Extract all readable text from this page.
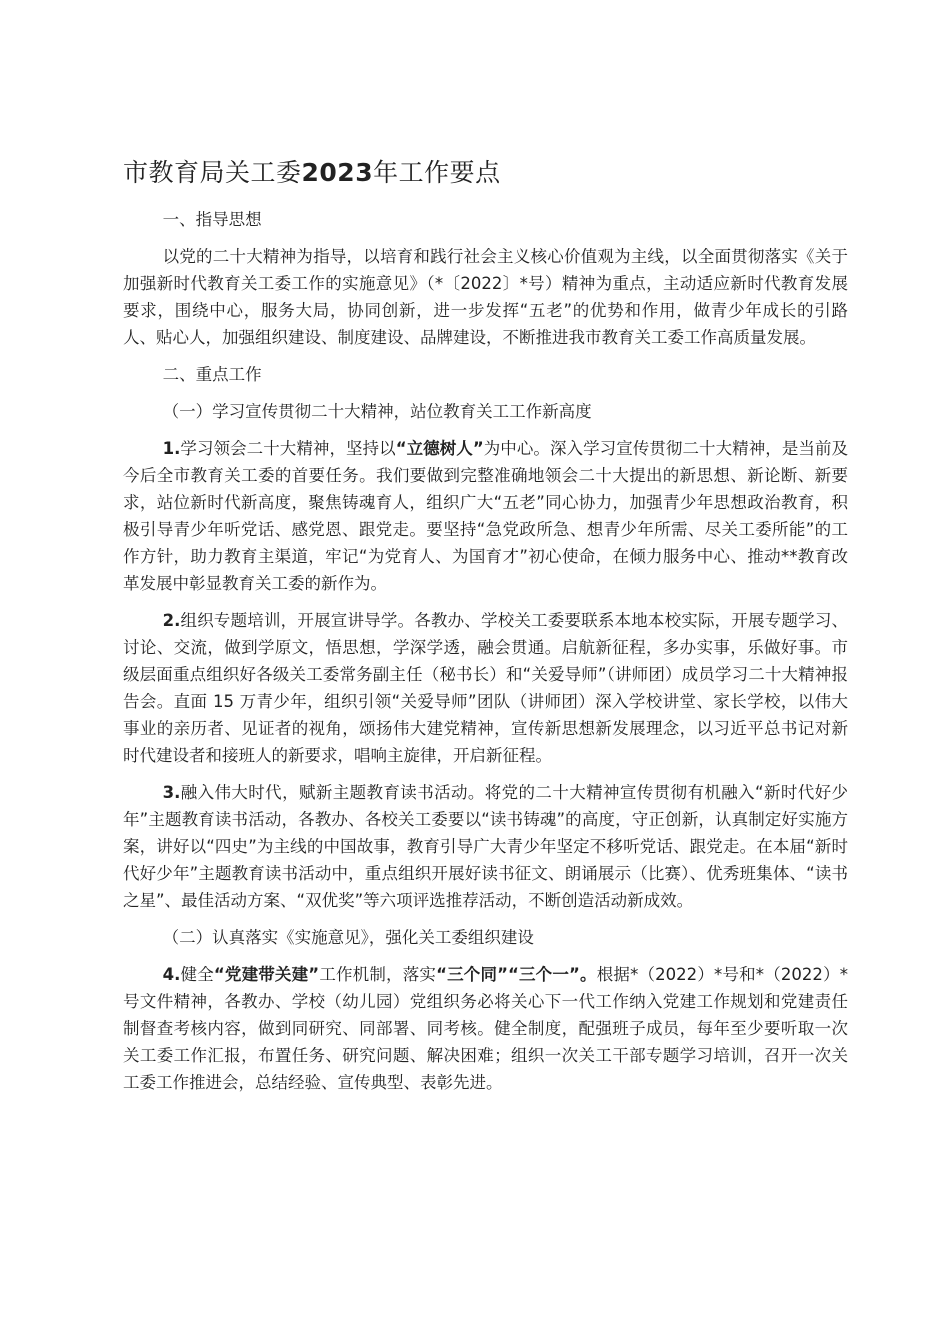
市教育局关工委2023年工作要点

一、指导思想

以党的二十大精神为指导，以培育和践行社会主义核心价值观为主线，以全面贯彻落实《关于加强新时代教育关工委工作的实施意见》（*〔2022〕*号）精神为重点，主动适应新时代教育发展要求，围绕中心，服务大局，协同创新，进一步发挥“五老”的优势和作用，做青少年成长的引路人、贴心人，加强组织建设、制度建设、品牌建设，不断推进我市教育关工委工作高质量发展。

二、重点工作

（一）学习宣传贯彻二十大精神，站位教育关工工作新高度

1.学习领会二十大精神，坚持以“立德树人”为中心。深入学习宣传贯彻二十大精神，是当前及今后全市教育关工委的首要任务。我们要做到完整准确地领会二十大提出的新思想、新论断、新要求，站位新时代新高度，聚焦铸魂育人，组织广大“五老”同心协力，加强青少年思想政治教育，积极引导青少年听党话、感党恩、跟党走。要坚持“急党政所急、想青少年所需、尽关工委所能”的工作方针，助力教育主渠道，牢记“为党育人、为国育才”初心使命，在倾力服务中心、推动**教育改革发展中彰显教育关工委的新作为。

2.组织专题培训，开展宣讲导学。各教办、学校关工委要联系本地本校实际，开展专题学习、讨论、交流，做到学原文，悟思想，学深学透，融会贯通。启航新征程，多办实事，乐做好事。市级层面重点组织好各级关工委常务副主任（秘书长）和“关爱导师”（讲师团）成员学习二十大精神报告会。直面 15 万青少年，组织引领“关爱导师”团队（讲师团）深入学校讲堂、家长学校，以伟大事业的亲历者、见证者的视角，颂扬伟大建党精神，宣传新思想新发展理念，以习近平总书记对新时代建设者和接班人的新要求，唱响主旋律，开启新征程。

3.融入伟大时代，赋新主题教育读书活动。将党的二十大精神宣传贯彻有机融入“新时代好少年”主题教育读书活动，各教办、各校关工委要以“读书铸魂”的高度，守正创新，认真制定好实施方案，讲好以“四史”为主线的中国故事，教育引导广大青少年坚定不移听党话、跟党走。在本届“新时代好少年”主题教育读书活动中，重点组织开展好读书征文、朗诵展示（比赛）、优秀班集体、“读书之星”、最佳活动方案、“双优奖”等六项评选推荐活动，不断创造活动新成效。

（二）认真落实《实施意见》，强化关工委组织建设

4.健全“党建带关建”工作机制，落实“三个同”“三个一”。根据*（2022）*号和*（2022）*号文件精神，各教办、学校（幼儿园）党组织务必将关心下一代工作纳入党建工作规划和党建责任制督查考核内容，做到同研究、同部署、同考核。健全制度，配强班子成员，每年至少要听取一次关工委工作汇报，布置任务、研究问题、解决困难；组织一次关工干部专题学习培训，召开一次关工委工作推进会，总结经验、宣传典型、表彰先进。
